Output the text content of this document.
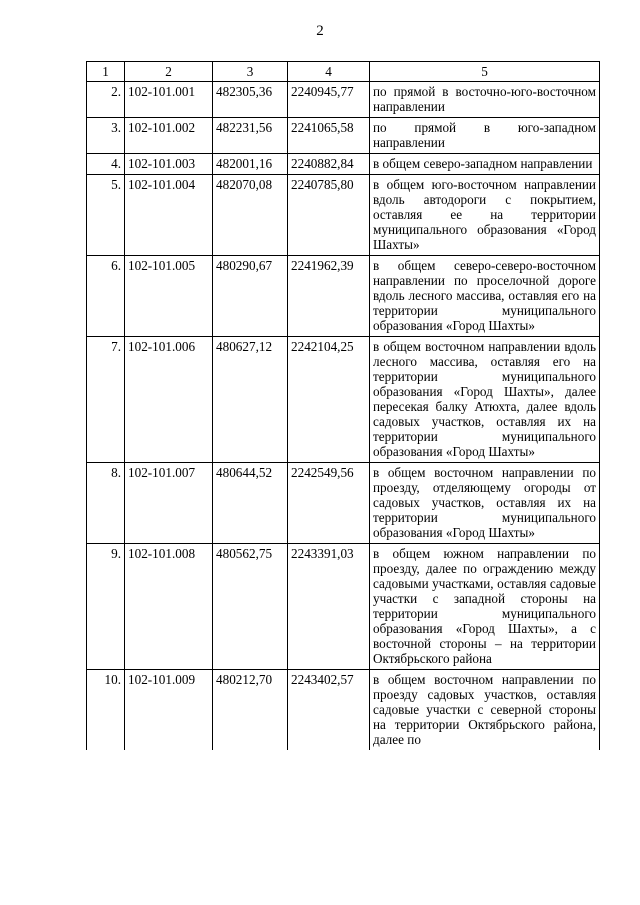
2
1	2	3	4	5
2.	102-101.001	482305,36	2240945,77	по прямой в восточно-юго-восточном направлении
3.	102-101.002	482231,56	2241065,58	по прямой в юго-западном направлении
4.	102-101.003	482001,16	2240882,84	в общем северо-западном направлении
5.	102-101.004	482070,08	2240785,80	в общем юго-восточном направлении вдоль автодороги с покрытием, оставляя ее на территории муниципального образования «Город Шахты»
6.	102-101.005	480290,67	2241962,39	в общем северо-северо-восточном направлении по проселочной дороге вдоль лесного массива, оставляя его на территории муниципального образования «Город Шахты»
7.	102-101.006	480627,12	2242104,25	в общем восточном направлении вдоль лесного массива, оставляя его на территории муниципального образования «Город Шахты», далее пересекая балку Атюхта, далее вдоль садовых участков, оставляя их на территории муниципального образования «Город Шахты»
8.	102-101.007	480644,52	2242549,56	в общем восточном направлении по проезду, отделяющему огороды от садовых участков, оставляя их на территории муниципального образования «Город Шахты»
9.	102-101.008	480562,75	2243391,03	в общем южном направлении по проезду, далее по ограждению между садовыми участками, оставляя садовые участки с западной стороны на территории муниципального образования «Город Шахты», а с восточной стороны – на территории Октябрьского района
10.	102-101.009	480212,70	2243402,57	в общем восточном направлении по проезду садовых участков, оставляя садовые участки с северной стороны на территории Октябрьского района, далее по
